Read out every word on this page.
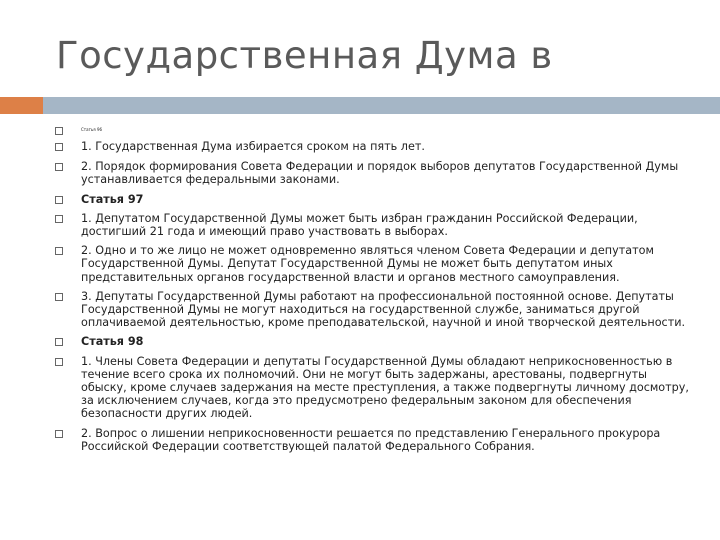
Государственная Дума в
Статья 96
1. Государственная Дума избирается сроком на пять лет.
2. Порядок формирования Совета Федерации и порядок выборов депутатов Государственной Думы устанавливается федеральными законами.
Статья 97
1. Депутатом Государственной Думы может быть избран гражданин Российской Федерации, достигший 21 года и имеющий право участвовать в выборах.
2. Одно и то же лицо не может одновременно являться членом Совета Федерации и депутатом Государственной Думы. Депутат Государственной Думы не может быть депутатом иных представительных органов государственной власти и органов местного самоуправления.
3. Депутаты Государственной Думы работают на профессиональной постоянной основе. Депутаты Государственной Думы не могут находиться на государственной службе, заниматься другой оплачиваемой деятельностью, кроме преподавательской, научной и иной творческой деятельности.
Статья 98
1. Члены Совета Федерации и депутаты Государственной Думы обладают неприкосновенностью в течение всего срока их полномочий. Они не могут быть задержаны, арестованы, подвергнуты обыску, кроме случаев задержания на месте преступления, а также подвергнуты личному досмотру, за исключением случаев, когда это предусмотрено федеральным законом для обеспечения безопасности других людей.
2. Вопрос о лишении неприкосновенности решается по представлению Генерального прокурора Российской Федерации соответствующей палатой Федерального Собрания.
